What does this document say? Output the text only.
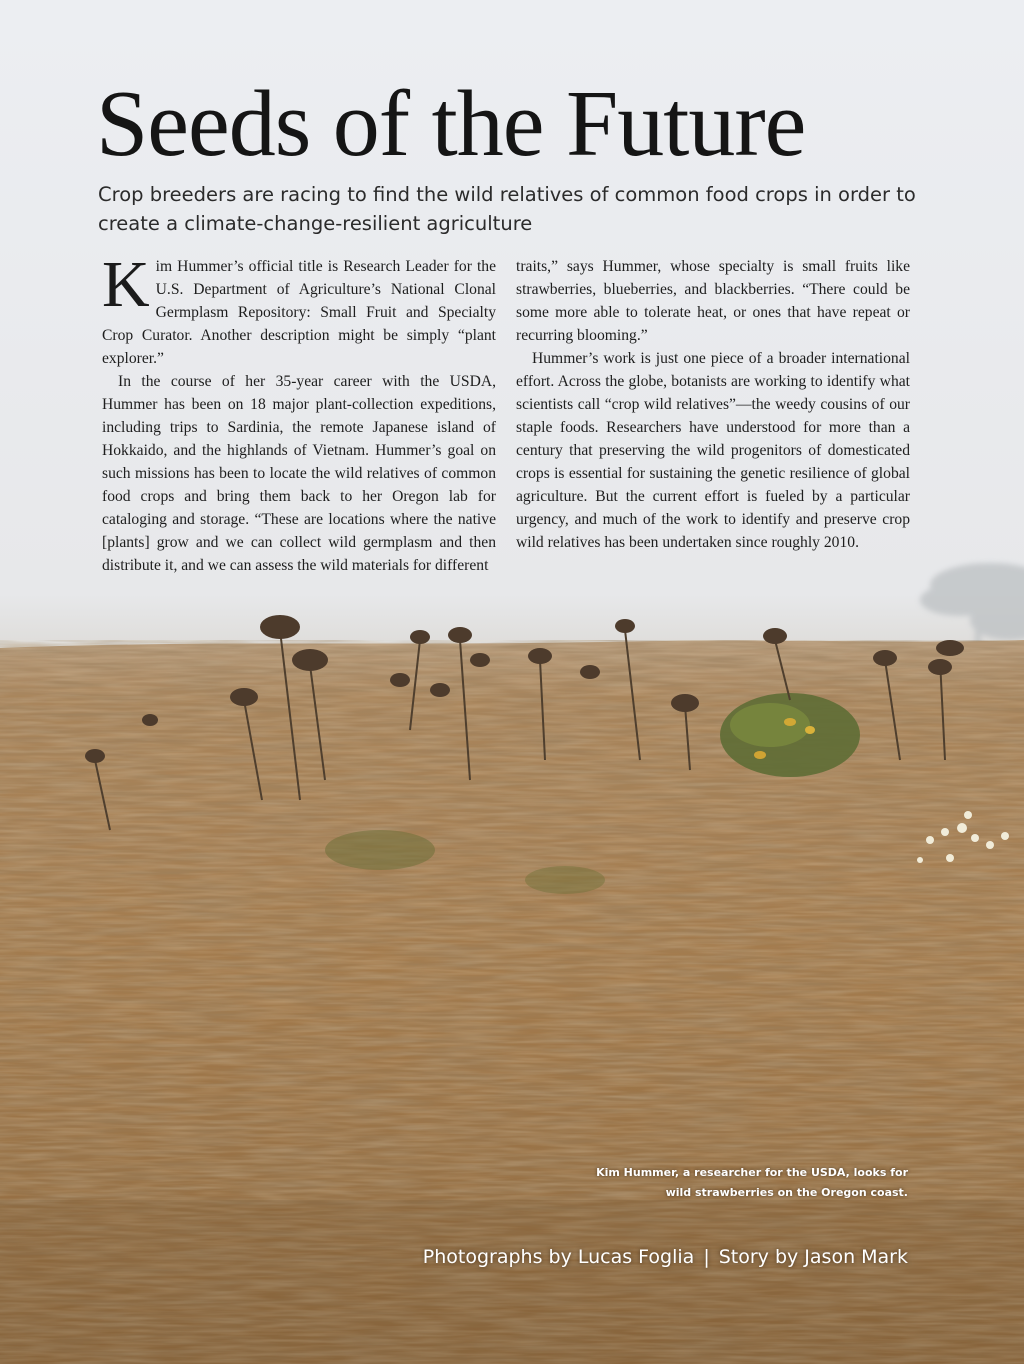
Seeds of the Future
Crop breeders are racing to find the wild relatives of common food crops in order to create a climate-change-resilient agriculture

Kim Hummer’s official title is Research Leader for the U.S. Department of Agriculture’s National Clonal Germplasm Repository: Small Fruit and Specialty Crop Curator. Another description might be simply “plant explorer.”

In the course of her 35-year career with the USDA, Hummer has been on 18 major plant-collection expeditions, including trips to Sardinia, the remote Japanese island of Hokkaido, and the highlands of Vietnam. Hummer’s goal on such missions has been to locate the wild relatives of common food crops and bring them back to her Oregon lab for cataloging and storage. “These are locations where the native [plants] grow and we can collect wild germplasm and then distribute it, and we can assess the wild materials for different

traits,” says Hummer, whose specialty is small fruits like strawberries, blueberries, and blackberries. “There could be some more able to tolerate heat, or ones that have repeat or recurring blooming.”

Hummer’s work is just one piece of a broader international effort. Across the globe, botanists are working to identify what scientists call “crop wild relatives”—the weedy cousins of our staple foods. Researchers have understood for more than a century that preserving the wild progenitors of domesticated crops is essential for sustaining the genetic resilience of global agriculture. But the current effort is fueled by a particular urgency, and much of the work to identify and preserve crop wild relatives has been undertaken since roughly 2010.

Kim Hummer, a researcher for the USDA, looks for
wild strawberries on the Oregon coast.
Photographs by Lucas Foglia | Story by Jason Mark
